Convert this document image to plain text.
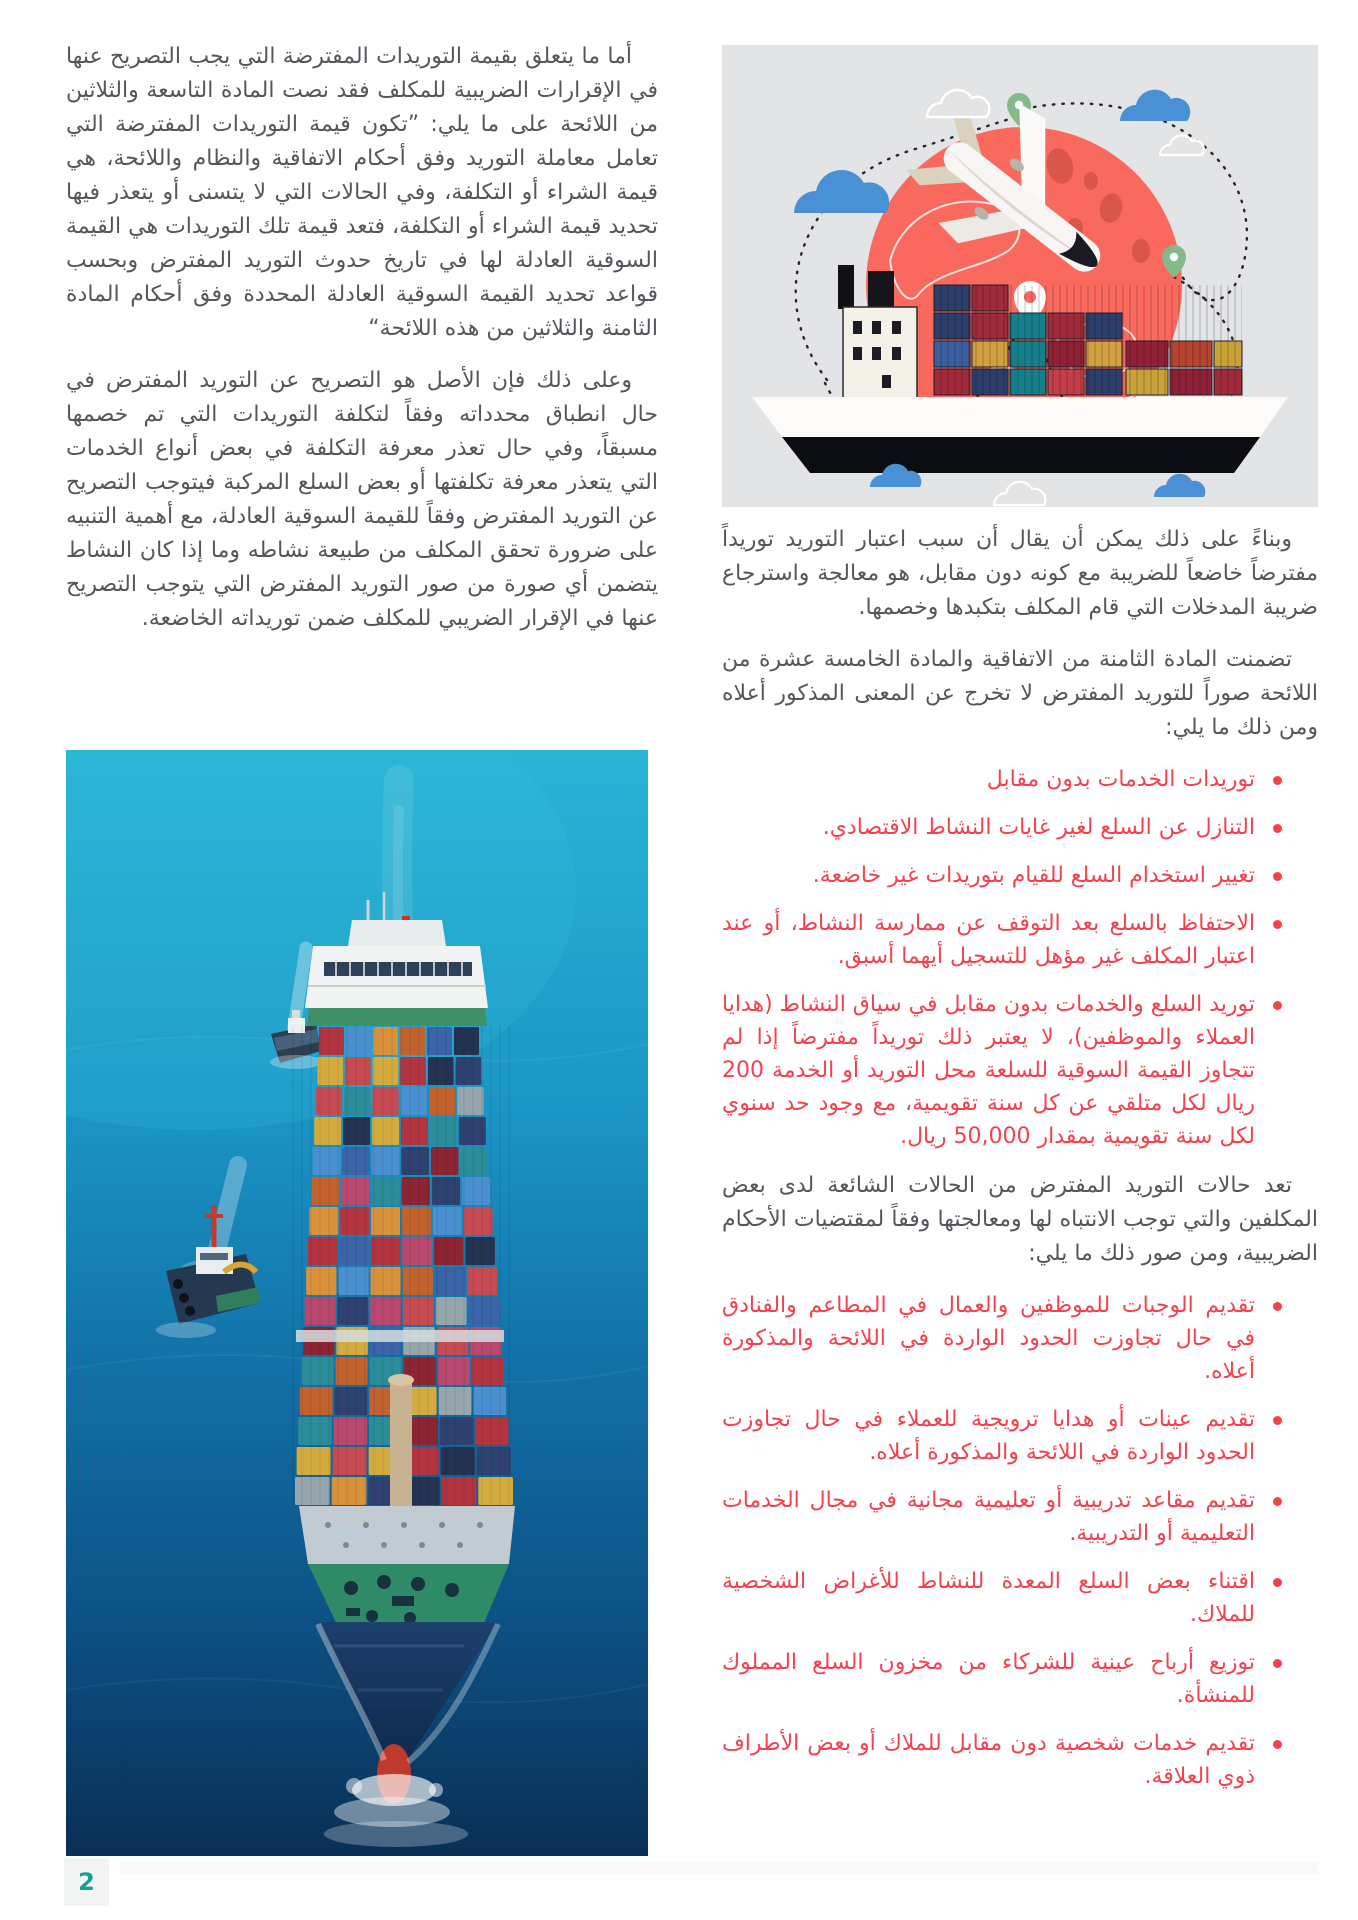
أما ما يتعلق بقيمة التوريدات المفترضة التي يجب التصريح عنها في الإقرارات الضريبية للمكلف فقد نصت المادة التاسعة والثلاثين من اللائحة على ما يلي: ”تكون قيمة التوريدات المفترضة التي تعامل معاملة التوريد وفق أحكام الاتفاقية والنظام واللائحة، هي قيمة الشراء أو التكلفة، وفي الحالات التي لا يتسنى أو يتعذر فيها تحديد قيمة الشراء أو التكلفة، فتعد قيمة تلك التوريدات هي القيمة السوقية العادلة لها في تاريخ حدوث التوريد المفترض وبحسب قواعد تحديد القيمة السوقية العادلة المحددة وفق أحكام المادة الثامنة والثلاثين من هذه اللائحة“

وعلى ذلك فإن الأصل هو التصريح عن التوريد المفترض في حال انطباق محدداته وفقاً لتكلفة التوريدات التي تم خصمها مسبقاً، وفي حال تعذر معرفة التكلفة في بعض أنواع الخدمات التي يتعذر معرفة تكلفتها أو بعض السلع المركبة فيتوجب التصريح عن التوريد المفترض وفقاً للقيمة السوقية العادلة، مع أهمية التنبيه على ضرورة تحقق المكلف من طبيعة نشاطه وما إذا كان النشاط يتضمن أي صورة من صور التوريد المفترض التي يتوجب التصريح عنها في الإقرار الضريبي للمكلف ضمن توريداته الخاضعة.

وبناءً على ذلك يمكن أن يقال أن سبب اعتبار التوريد توريداً مفترضاً خاضعاً للضريبة مع كونه دون مقابل، هو معالجة واسترجاع ضريبة المدخلات التي قام المكلف بتكبدها وخصمها.

تضمنت المادة الثامنة من الاتفاقية والمادة الخامسة عشرة من اللائحة صوراً للتوريد المفترض لا تخرج عن المعنى المذكور أعلاه ومن ذلك ما يلي:

توريدات الخدمات بدون مقابل
التنازل عن السلع لغير غايات النشاط الاقتصادي.
تغيير استخدام السلع للقيام بتوريدات غير خاضعة.
الاحتفاظ بالسلع بعد التوقف عن ممارسة النشاط، أو عند اعتبار المكلف غير مؤهل للتسجيل أيهما أسبق.
توريد السلع والخدمات بدون مقابل في سياق النشاط (هدايا العملاء والموظفين)، لا يعتبر ذلك توريداً مفترضاً إذا لم تتجاوز القيمة السوقية للسلعة محل التوريد أو الخدمة 200 ريال لكل متلقي عن كل سنة تقويمية، مع وجود حد سنوي لكل سنة تقويمية بمقدار 50,000 ريال.

تعد حالات التوريد المفترض من الحالات الشائعة لدى بعض المكلفين والتي توجب الانتباه لها ومعالجتها وفقاً لمقتضيات الأحكام الضريبية، ومن صور ذلك ما يلي:

تقديم الوجبات للموظفين والعمال في المطاعم والفنادق في حال تجاوزت الحدود الواردة في اللائحة والمذكورة أعلاه.
تقديم عينات أو هدايا ترويجية للعملاء في حال تجاوزت الحدود الواردة في اللائحة والمذكورة أعلاه.
تقديم مقاعد تدريبية أو تعليمية مجانية في مجال الخدمات التعليمية أو التدريبية.
اقتناء بعض السلع المعدة للنشاط للأغراض الشخصية للملاك.
توزيع أرباح عينية للشركاء من مخزون السلع المملوك للمنشأة.
تقديم خدمات شخصية دون مقابل للملاك أو بعض الأطراف ذوي العلاقة.
2
